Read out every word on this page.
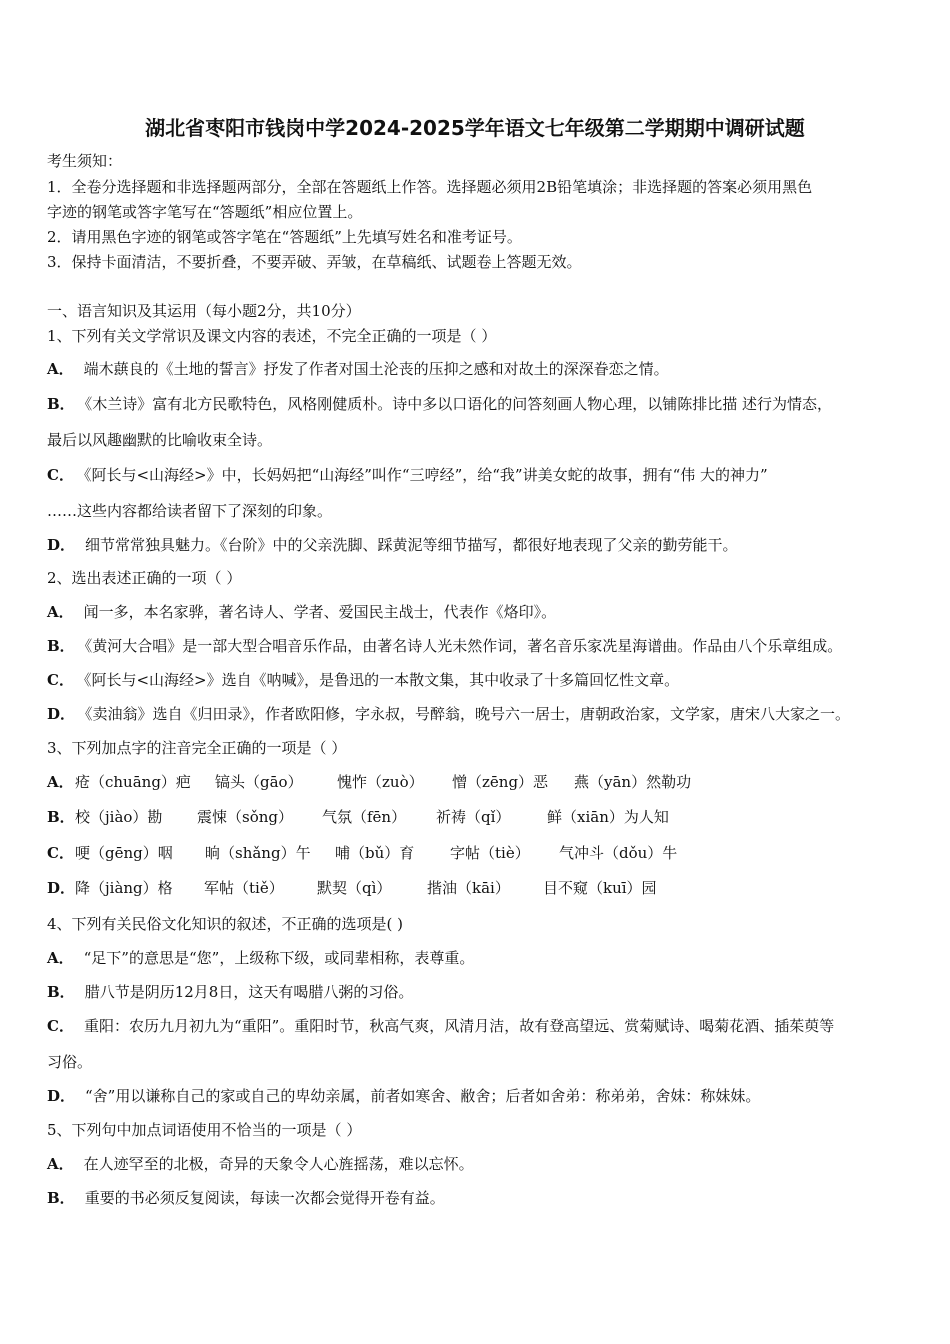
湖北省枣阳市钱岗中学2024-2025学年语文七年级第二学期期中调研试题
考生须知：
1．全卷分选择题和非选择题两部分，全部在答题纸上作答。选择题必须用2B铅笔填涂；非选择题的答案必须用黑色
字迹的钢笔或答字笔写在“答题纸”相应位置上。
2．请用黑色字迹的钢笔或答字笔在“答题纸”上先填写姓名和准考证号。
3．保持卡面清洁，不要折叠，不要弄破、弄皱，在草稿纸、试题卷上答题无效。
一、语言知识及其运用（每小题2分，共10分）
1、下列有关文学常识及课文内容的表述，不完全正确的一项是（ ）
A． 端木蕻良的《土地的誓言》抒发了作者对国土沦丧的压抑之感和对故土的深深眷恋之情。
B． 《木兰诗》富有北方民歌特色，风格刚健质朴。诗中多以口语化的问答刻画人物心理，以铺陈排比描 述行为情态，
最后以风趣幽默的比喻收束全诗。
C． 《阿长与<山海经>》中，长妈妈把“山海经”叫作“三哼经”，给“我”讲美女蛇的故事，拥有“伟 大的神力”
……这些内容都给读者留下了深刻的印象。
D． 细节常常独具魅力。《台阶》中的父亲洗脚、踩黄泥等细节描写，都很好地表现了父亲的勤劳能干。
2、选出表述正确的一项（ ）
A． 闻一多，本名家骅，著名诗人、学者、爱国民主战士，代表作《烙印》。
B． 《黄河大合唱》是一部大型合唱音乐作品，由著名诗人光未然作词，著名音乐家冼星海谱曲。作品由八个乐章组成。
C． 《阿长与<山海经>》选自《呐喊》，是鲁迅的一本散文集，其中收录了十多篇回忆性文章。
D． 《卖油翁》选自《归田录》，作者欧阳修，字永叔，号醉翁，晚号六一居士，唐朝政治家，文学家，唐宋八大家之一。
3、下列加点字的注音完全正确的一项是（ ）
A． 疮（chuāng）疤 镐头（gāo） 愧怍（zuò） 憎（zēng）恶 燕（yān）然勒功
B． 校（jiào）勘 震悚（sǒng） 气氛（fēn） 祈祷（qǐ） 鲜（xiān）为人知
C． 哽（gēng）咽 晌（shǎng）午 哺（bǔ）育 字帖（tiè） 气冲斗（dǒu）牛
D． 降（jiàng）格 军帖（tiě） 默契（qì） 揩油（kāi） 目不窥（kuī）园
4、下列有关民俗文化知识的叙述，不正确的选项是( )
A． “足下”的意思是“您”，上级称下级，或同辈相称，表尊重。
B． 腊八节是阴历12月8日，这天有喝腊八粥的习俗。
C． 重阳：农历九月初九为“重阳”。重阳时节，秋高气爽，风清月洁，故有登高望远、赏菊赋诗、喝菊花酒、插茱萸等
习俗。
D． “舍”用以谦称自己的家或自己的卑幼亲属，前者如寒舍、敝舍；后者如舍弟：称弟弟，舍妹：称妹妹。
5、下列句中加点词语使用不恰当的一项是（ ）
A． 在人迹罕至的北极，奇异的天象令人心旌摇荡，难以忘怀。
B． 重要的书必须反复阅读，每读一次都会觉得开卷有益。
